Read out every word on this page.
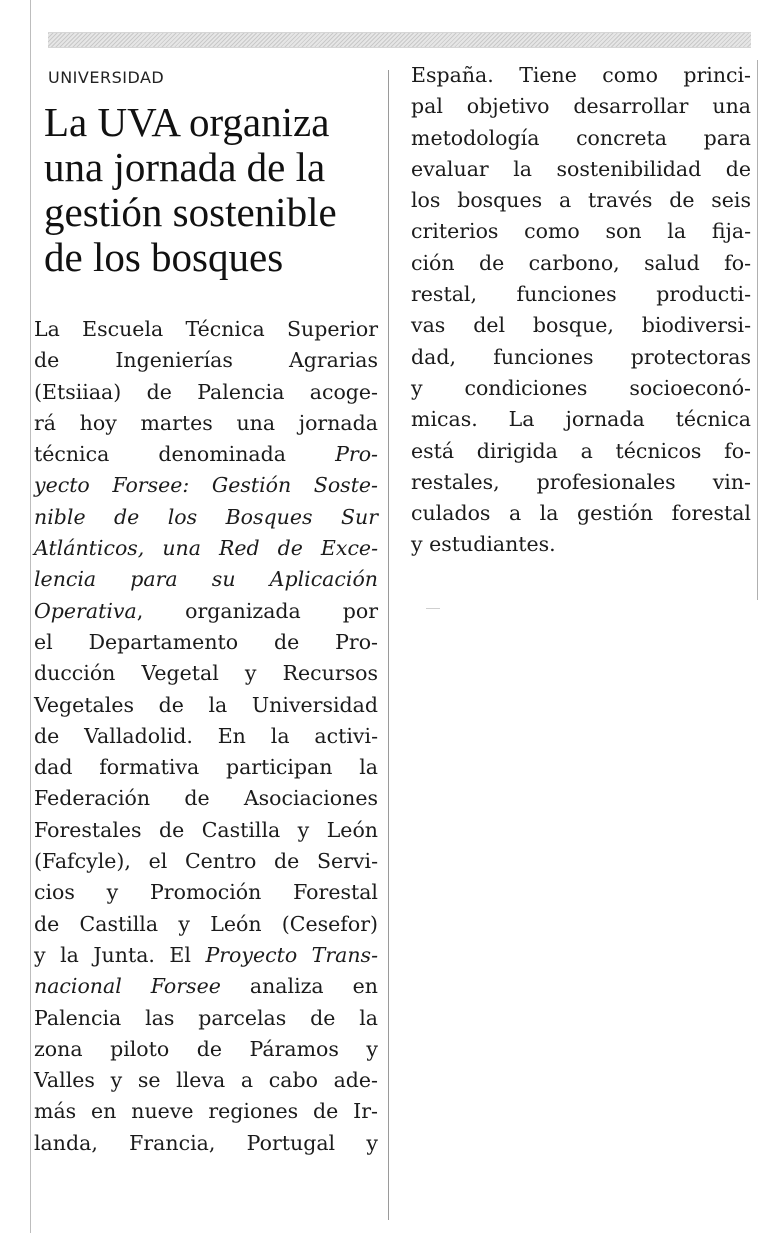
UNIVERSIDAD
La UVA organiza una jornada de la gestión sostenible de los bosques
La Escuela Técnica Superior
de Ingenierías Agrarias
(Etsiiaa) de Palencia acoge-
rá hoy martes una jornada
técnica denominada Pro-
yecto Forsee: Gestión Soste-
nible de los Bosques Sur
Atlánticos, una Red de Exce-
lencia para su Aplicación
Operativa, organizada por
el Departamento de Pro-
ducción Vegetal y Recursos
Vegetales de la Universidad
de Valladolid. En la activi-
dad formativa participan la
Federación de Asociaciones
Forestales de Castilla y León
(Fafcyle), el Centro de Servi-
cios y Promoción Forestal
de Castilla y León (Cesefor)
y la Junta. El Proyecto Trans-
nacional Forsee analiza en
Palencia las parcelas de la
zona piloto de Páramos y
Valles y se lleva a cabo ade-
más en nueve regiones de Ir-
landa, Francia, Portugal y
España. Tiene como princi-
pal objetivo desarrollar una
metodología concreta para
evaluar la sostenibilidad de
los bosques a través de seis
criterios como son la fija-
ción de carbono, salud fo-
restal, funciones producti-
vas del bosque, biodiversi-
dad, funciones protectoras
y condiciones socioeconó-
micas. La jornada técnica
está dirigida a técnicos fo-
restales, profesionales vin-
culados a la gestión forestal
y estudiantes.
